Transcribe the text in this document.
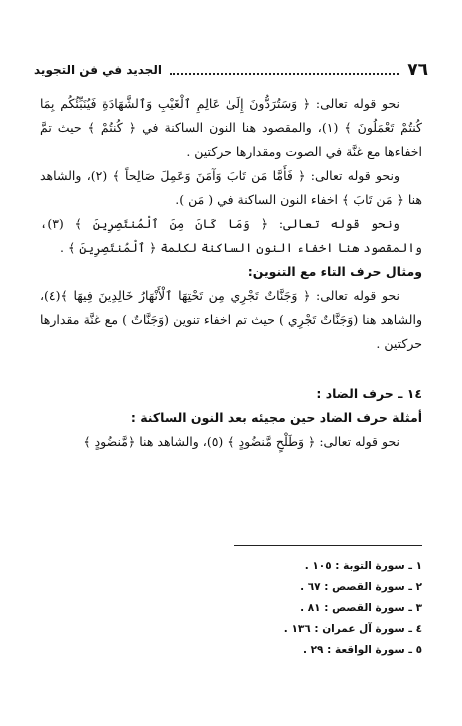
٧٦
الجديد في فن التجويد

نحو قوله تعالى: ﴿ وَسَتُرَدُّونَ إِلَىٰ عَالِمِ ٱلْغَيْبِ وَٱلشَّهَادَةِ فَيُنَبِّئُكُم بِمَا كُنتُمْ تَعْمَلُونَ ﴾ (١)، والمقصود هنا النون الساكنة في ﴿ كُنتُمْ ﴾ حيث تمَّ اخفاءها مع غنَّة في الصوت ومقدارها حركتين .

ونحو قوله تعالى: ﴿ فَأَمَّا مَن تَابَ وَآمَنَ وَعَمِلَ صَالِحاً ﴾ (٢)، والشاهد هنا ﴿ مَن تَابَ ﴾ اخفاء النون الساكنة في ( مَن ).

ونحو قوله تعالى: ﴿ وَمَا كَانَ مِنَ ٱلْمُنتَصِرِينَ ﴾ (٣)، والمقصود هنا اخفاء النون الساكنة لكلمة ﴿ ٱلْمُنتَصِرِينَ ﴾ .

ومثال حرف التاء مع التنوين:

نحو قوله تعالى: ﴿ وَجَنَّاتٌ تَجْرِي مِن تَحْتِهَا ٱلْأَنْهَارُ خَالِدِينَ فِيهَا ﴾(٤)، والشاهد هنا (وَجَنَّاتٌ تَجْرِي ) حيث تم اخفاء تنوين (وَجَنَّاتٌ ) مع غنَّة مقدارها حركتين .

١٤ ـ حرف الضاد :

أمثلة حرف الضاد حين مجيئه بعد النون الساكنة :

نحو قوله تعالى: ﴿ وَطَلْحٍ مَّنضُودٍ ﴾ (٥)، والشاهد هنا ﴿مَّنضُودٍ ﴾

١ ـ سورة التوبة : ١٠٥ .
٢ ـ سورة القصص : ٦٧ .
٣ ـ سورة القصص : ٨١ .
٤ ـ سورة آل عمران : ١٣٦ .
٥ ـ سورة الواقعة : ٢٩ .
